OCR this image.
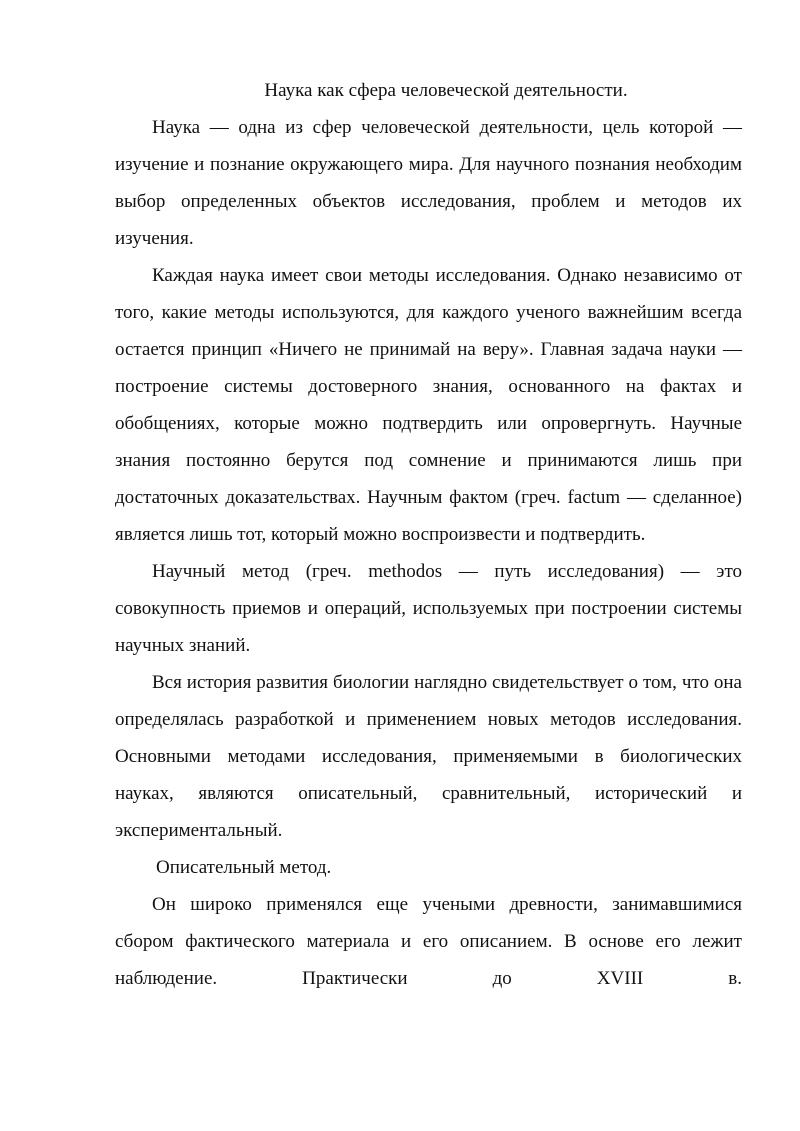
Наука как сфера человеческой деятельности.

Наука — одна из сфер человеческой деятельности, цель которой — изучение и познание окружающего мира. Для научного познания необходим выбор определенных объектов исследования, проблем и методов их изучения.

Каждая наука имеет свои методы исследования. Однако независимо от того, какие методы используются, для каждого ученого важнейшим всегда остается принцип «Ничего не принимай на веру». Главная задача науки — построение системы достоверного знания, основанного на фактах и обобщениях, которые можно подтвердить или опровергнуть. Научные знания постоянно берутся под сомнение и принимаются лишь при достаточных доказательствах. Научным фактом (греч. factum — сделанное) является лишь тот, который можно воспроизвести и подтвердить.

Научный метод (греч. methodos — путь исследования) — это совокупность приемов и операций, используемых при построении системы научных знаний.

Вся история развития биологии наглядно свидетельствует о том, что она определялась разработкой и применением новых методов исследования. Основными методами исследования, применяемыми в биологических науках, являются описательный, сравнительный, исторический и экспериментальный.

Описательный метод.

Он широко применялся еще учеными древности, занимавшимися сбором фактического материала и его описанием. В основе его лежит наблюдение. Практически до XVIII в.
